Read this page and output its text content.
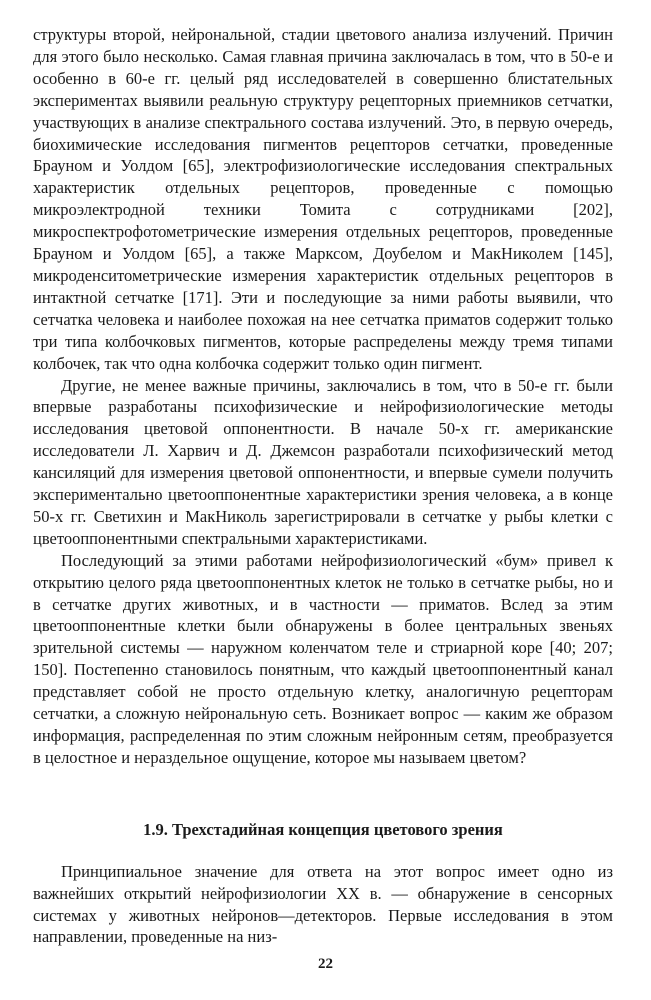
структуры второй, нейрональной, стадии цветового анализа излучений. Причин для этого было несколько. Самая главная причина заключалась в том, что в 50-е и особенно в 60-е гг. целый ряд исследователей в совершенно блистательных экспериментах выявили реальную структуру рецепторных приемников сетчатки, участвующих в анализе спектрального состава излучений. Это, в первую очередь, биохимические исследования пигментов рецепторов сетчатки, проведенные Брауном и Уолдом [65], электрофизиологические исследования спектральных характеристик отдельных рецепторов, проведенные с помощью микроэлектродной техники Томита с сотрудниками [202], микроспектрофотометрические измерения отдельных рецепторов, проведенные Брауном и Уолдом [65], а также Марксом, Доубелом и МакНиколем [145], микроденситометрические измерения характеристик отдельных рецепторов в интактной сетчатке [171]. Эти и последующие за ними работы выявили, что сетчатка человека и наиболее похожая на нее сетчатка приматов содержит только три типа колбочковых пигментов, которые распределены между тремя типами колбочек, так что одна колбочка содержит только один пигмент.

Другие, не менее важные причины, заключались в том, что в 50-е гг. были впервые разработаны психофизические и нейрофизиологические методы исследования цветовой оппонентности. В начале 50-х гг. американские исследователи Л. Харвич и Д. Джемсон разработали психофизический метод кансиляций для измерения цветовой оппонентности, и впервые сумели получить экспериментально цветооппонентные характеристики зрения человека, а в конце 50-х гг. Светихин и МакНиколь зарегистрировали в сетчатке у рыбы клетки с цветооппонентными спектральными характеристиками.

Последующий за этими работами нейрофизиологический «бум» привел к открытию целого ряда цветооппонентных клеток не только в сетчатке рыбы, но и в сетчатке других животных, и в частности — приматов. Вслед за этим цветооппонентные клетки были обнаружены в более центральных звеньях зрительной системы — наружном коленчатом теле и стриарной коре [40; 207; 150]. Постепенно становилось понятным, что каждый цветооппонентный канал представляет собой не просто отдельную клетку, аналогичную рецепторам сетчатки, а сложную нейрональную сеть. Возникает вопрос — каким же образом информация, распределенная по этим сложным нейронным сетям, преобразуется в целостное и нераздельное ощущение, которое мы называем цветом?

1.9. Трехстадийная концепция цветового зрения

Принципиальное значение для ответа на этот вопрос имеет одно из важнейших открытий нейрофизиологии XX в. — обнаружение в сенсорных системах у животных нейронов—детекторов. Первые исследования в этом направлении, проведенные на низ-

22
